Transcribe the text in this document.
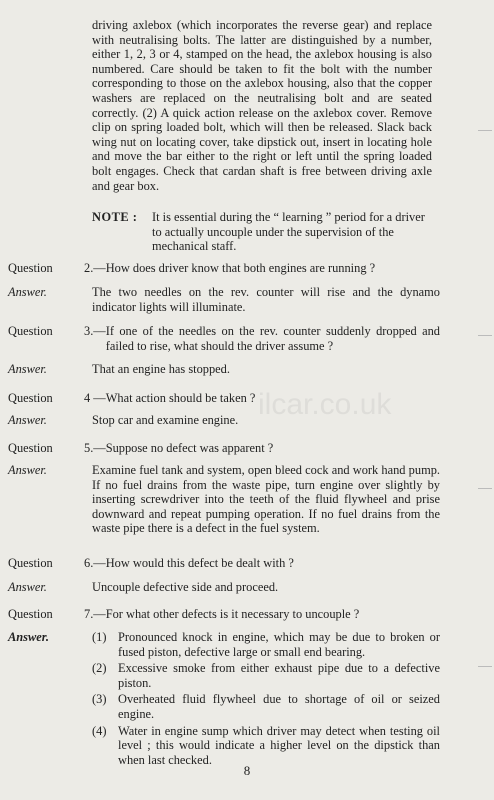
ilcar.co.uk
driving axlebox (which incorporates the reverse gear) and replace with neutralising bolts. The latter are distinguished by a number, either 1, 2, 3 or 4, stamped on the head, the axlebox housing is also numbered. Care should be taken to fit the bolt with the number corresponding to those on the axlebox housing, also that the copper washers are replaced on the neutralising bolt and are seated correctly. (2) A quick action release on the axlebox cover. Remove clip on spring loaded bolt, which will then be released. Slack back wing nut on locating cover, take dipstick out, insert in locating hole and move the bar either to the right or left until the spring loaded bolt engages. Check that cardan shaft is free between driving axle and gear box.
NOTE :	It is essential during the “ learning ” period for a driver to actually uncouple under the supervision of the mechanical staff.
Question	2.— How does driver know that both engines are running ?
Answer.	The two needles on the rev. counter will rise and the dynamo indicator lights will illuminate.
Question	3.— If one of the needles on the rev. counter suddenly dropped and failed to rise, what should the driver assume ?
Answer.	That an engine has stopped.
Question	4 — What action should be taken ?
Answer.	Stop car and examine engine.
Question	5.— Suppose no defect was apparent ?
Answer.	Examine fuel tank and system, open bleed cock and work hand pump. If no fuel drains from the waste pipe, turn engine over slightly by inserting screwdriver into the teeth of the fluid flywheel and prise downward and repeat pumping operation. If no fuel drains from the waste pipe there is a defect in the fuel system.
Question	6.— How would this defect be dealt with ?
Answer.	Uncouple defective side and proceed.
Question	7.— For what other defects is it necessary to uncouple ?
Answer.	(1) Pronounced knock in engine, which may be due to broken or fused piston, defective large or small end bearing.
(2) Excessive smoke from either exhaust pipe due to a defective piston.
(3) Overheated fluid flywheel due to shortage of oil or seized engine.
(4) Water in engine sump which driver may detect when testing oil level ; this would indicate a higher level on the dipstick than when last checked.
8
